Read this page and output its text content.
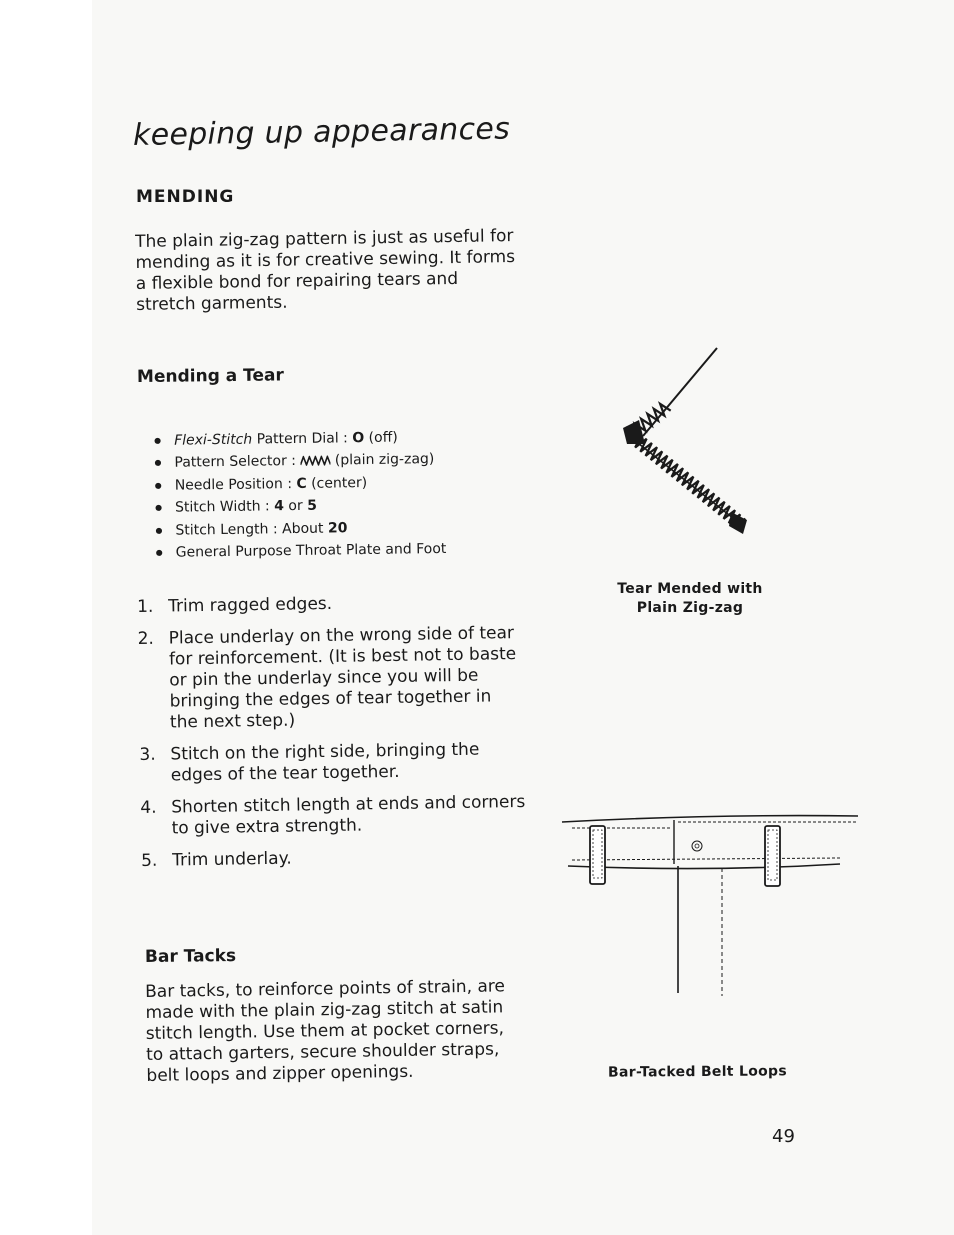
keeping up appearances
MENDING
The plain zig-zag pattern is just as useful for mending as it is for creative sewing. It forms a flexible bond for repairing tears and stretch garments.
Mending a Tear
● Flexi-Stitch Pattern Dial : O (off)
● Pattern Selector :  (plain zig-zag)
● Needle Position : C (center)
● Stitch Width : 4 or 5
● Stitch Length : About 20
● General Purpose Throat Plate and Foot
1. Trim ragged edges.
2. Place underlay on the wrong side of tear for reinforcement. (It is best not to baste or pin the underlay since you will be bringing the edges of tear together in the next step.)
3. Stitch on the right side, bringing the edges of the tear together.
4. Shorten stitch length at ends and corners to give extra strength.
5. Trim underlay.
Bar Tacks
Bar tacks, to reinforce points of strain, are made with the plain zig-zag stitch at satin stitch length. Use them at pocket corners, to attach garters, secure shoulder straps, belt loops and zipper openings.
Tear Mended with
Plain Zig-zag
Bar-Tacked Belt Loops
49
